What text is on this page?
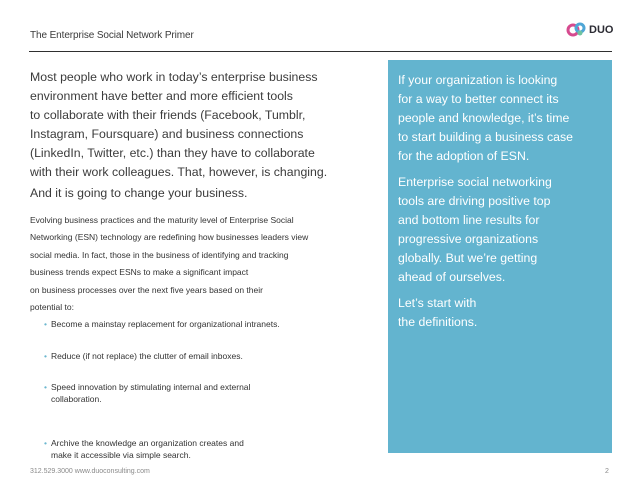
The Enterprise Social Network Primer	DUO
Most people who work in today’s enterprise business
environment have better and more efficient tools
to collaborate with their friends (Facebook, Tumblr,
Instagram, Foursquare) and business connections
(LinkedIn, Twitter, etc.) than they have to collaborate
with their work colleagues. That, however, is changing.
And it is going to change your business.
Evolving business practices and the maturity level of Enterprise Social
Networking (ESN) technology are redefining how businesses leaders view
social media. In fact, those in the business of identifying and tracking
business trends expect ESNs to make a significant impact
on business processes over the next five years based on their
potential to:
• Become a mainstay replacement for organizational intranets.
• Reduce (if not replace) the clutter of email inboxes.
• Speed innovation by stimulating internal and external
collaboration.
• Archive the knowledge an organization creates and
make it accessible via simple search.

If your organization is looking
for a way to better connect its
people and knowledge, it’s time
to start building a business case
for the adoption of ESN.

Enterprise social networking
tools are driving positive top
and bottom line results for
progressive organizations
globally. But we’re getting
ahead of ourselves.

Let’s start with
the definitions.

312.529.3000 www.duoconsulting.com	2
